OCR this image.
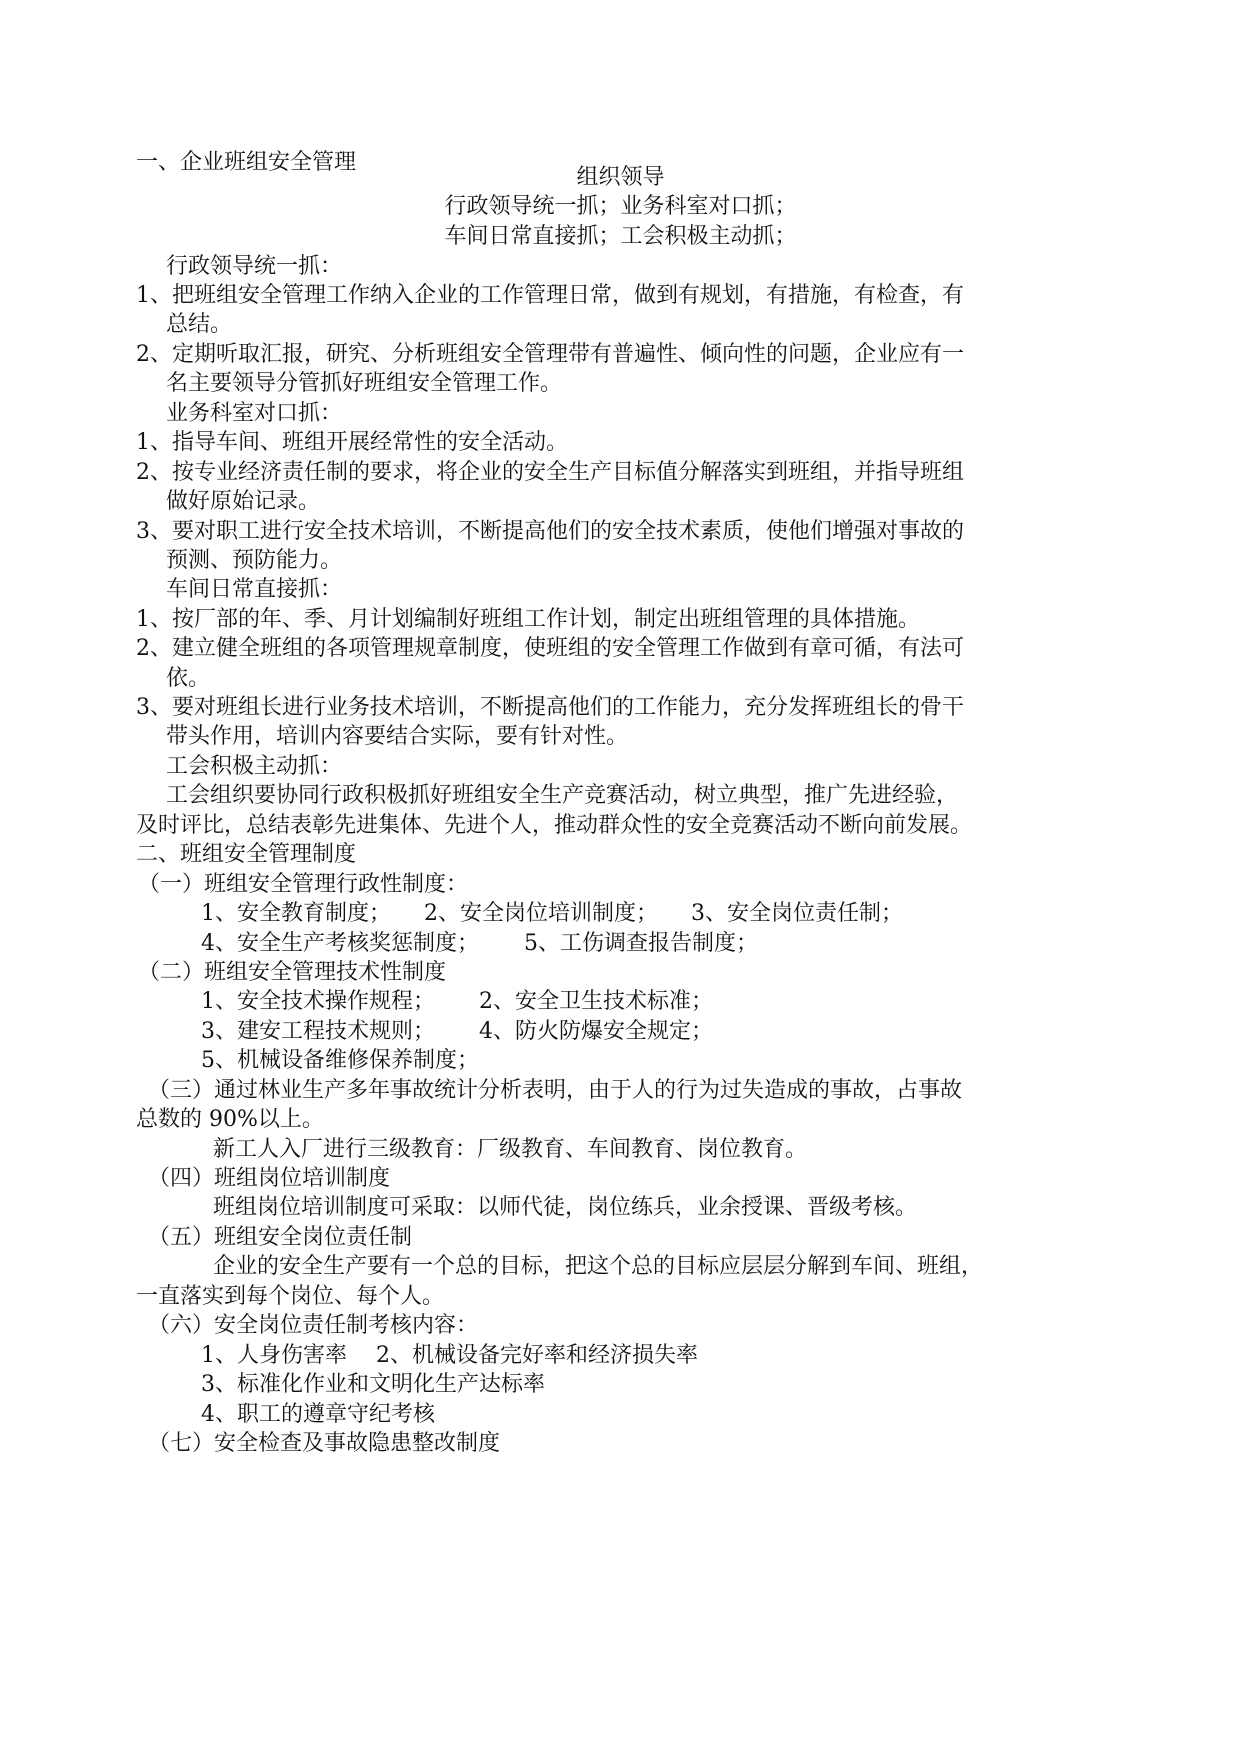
一、企业班组安全管理
组织领导
行政领导统一抓；业务科室对口抓；
车间日常直接抓；工会积极主动抓；
行政领导统一抓：
1、把班组安全管理工作纳入企业的工作管理日常，做到有规划，有措施，有检查，有
总结。
2、定期听取汇报，研究、分析班组安全管理带有普遍性、倾向性的问题，企业应有一
名主要领导分管抓好班组安全管理工作。
业务科室对口抓：
1、指导车间、班组开展经常性的安全活动。
2、按专业经济责任制的要求，将企业的安全生产目标值分解落实到班组，并指导班组
做好原始记录。
3、要对职工进行安全技术培训，不断提高他们的安全技术素质，使他们增强对事故的
预测、预防能力。
车间日常直接抓：
1、按厂部的年、季、月计划编制好班组工作计划，制定出班组管理的具体措施。
2、建立健全班组的各项管理规章制度，使班组的安全管理工作做到有章可循，有法可
依。
3、要对班组长进行业务技术培训，不断提高他们的工作能力，充分发挥班组长的骨干
带头作用，培训内容要结合实际，要有针对性。
工会积极主动抓：
工会组织要协同行政积极抓好班组安全生产竞赛活动，树立典型，推广先进经验，
及时评比，总结表彰先进集体、先进个人，推动群众性的安全竞赛活动不断向前发展。
二、班组安全管理制度
（一）班组安全管理行政性制度：
1、安全教育制度； 2、安全岗位培训制度； 3、安全岗位责任制；
4、安全生产考核奖惩制度； 5、工伤调查报告制度；
（二）班组安全管理技术性制度
1、安全技术操作规程； 2、安全卫生技术标准；
3、建安工程技术规则； 4、防火防爆安全规定；
5、机械设备维修保养制度；
（三）通过林业生产多年事故统计分析表明，由于人的行为过失造成的事故，占事故
总数的 90%以上。
新工人入厂进行三级教育：厂级教育、车间教育、岗位教育。
（四）班组岗位培训制度
班组岗位培训制度可采取：以师代徒，岗位练兵，业余授课、晋级考核。
（五）班组安全岗位责任制
企业的安全生产要有一个总的目标，把这个总的目标应层层分解到车间、班组，
一直落实到每个岗位、每个人。
（六）安全岗位责任制考核内容：
1、人身伤害率 2、机械设备完好率和经济损失率
3、标准化作业和文明化生产达标率
4、职工的遵章守纪考核
（七）安全检查及事故隐患整改制度
